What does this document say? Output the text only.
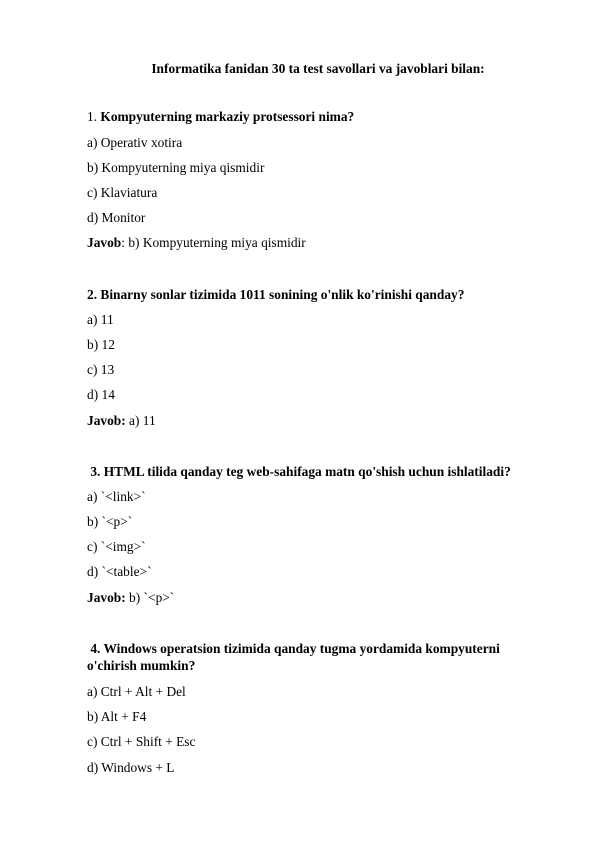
Informatika fanidan 30 ta test savollari va javoblari bilan:
1. Kompyuterning markaziy protsessori nima?
a) Operativ xotira
b) Kompyuterning miya qismidir
c) Klaviatura
d) Monitor
Javob: b) Kompyuterning miya qismidir
2. Binarny sonlar tizimida 1011 sonining o'nlik ko'rinishi qanday?
a) 11
b) 12
c) 13
d) 14
Javob: a) 11
3. HTML tilida qanday teg web-sahifaga matn qo'shish uchun ishlatiladi?
a) `<link>`
b) `<p>`
c) `<img>`
d) `<table>`
Javob: b) `<p>`
4. Windows operatsion tizimida qanday tugma yordamida kompyuterni
o'chirish mumkin?
a) Ctrl + Alt + Del
b) Alt + F4
c) Ctrl + Shift + Esc
d) Windows + L
